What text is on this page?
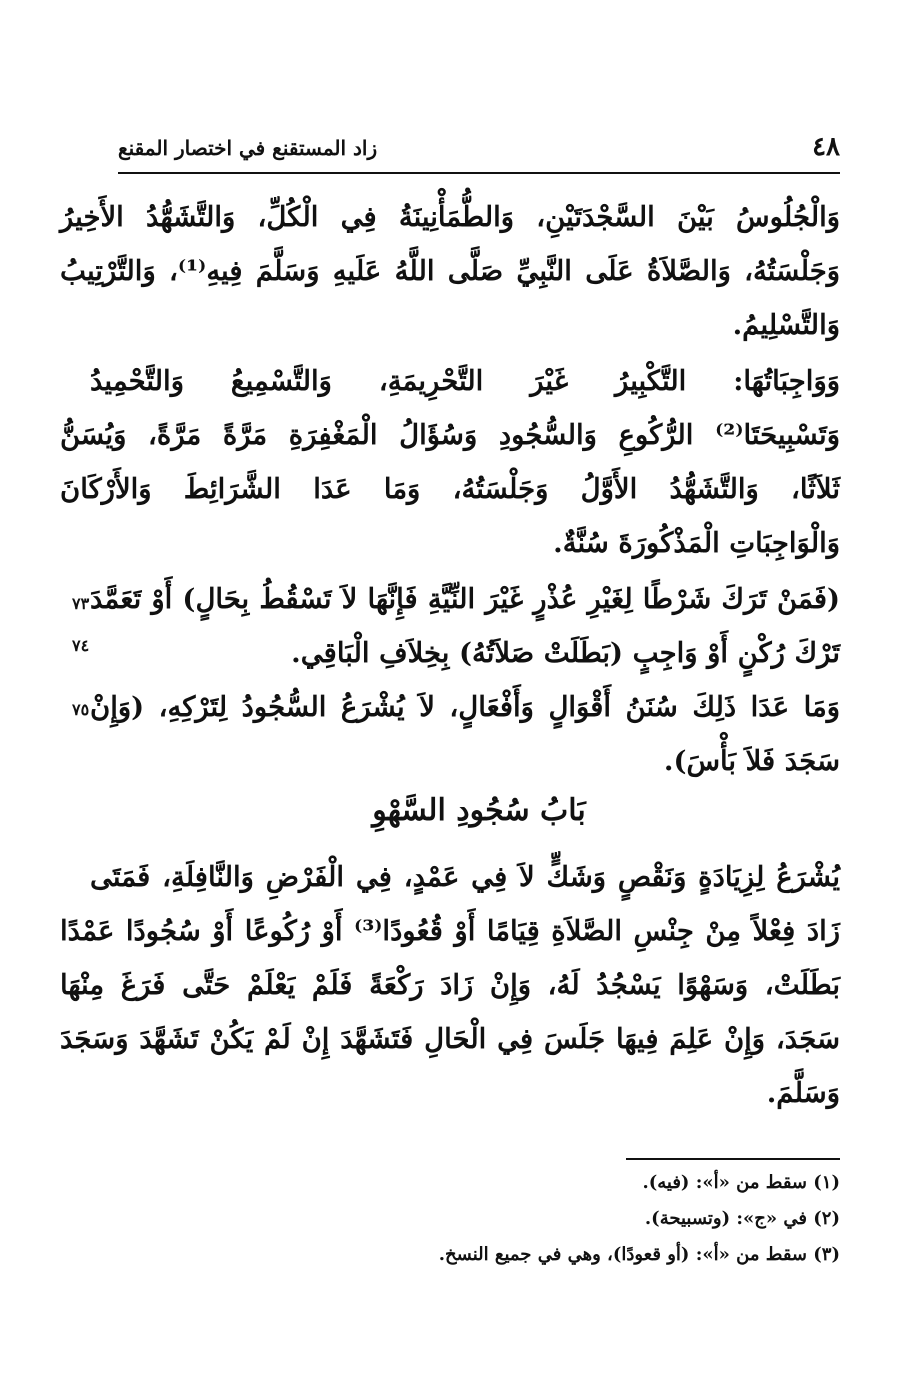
٤٨
زاد المستقنع في اختصار المقنع
وَالْجُلُوسُ بَيْنَ السَّجْدَتَيْنِ، وَالطُّمَأْنِينَةُ فِي الْكُلِّ، وَالتَّشَهُّدُ الأَخِيرُ
وَجَلْسَتُهُ، وَالصَّلاَةُ عَلَى النَّبِيِّ صَلَّى اللَّهُ عَلَيهِ وَسَلَّمَ فِيهِ⁽¹⁾، وَالتَّرْتِيبُ
وَالتَّسْلِيمُ.
وَوَاجِبَاتُهَا: التَّكْبِيرُ غَيْرَ التَّحْرِيمَةِ، وَالتَّسْمِيعُ وَالتَّحْمِيدُ
وَتَسْبِيحَتَا⁽²⁾ الرُّكُوعِ وَالسُّجُودِ وَسُؤَالُ الْمَغْفِرَةِ مَرَّةً مَرَّةً، وَيُسَنُّ
ثَلاَثًا، وَالتَّشَهُّدُ الأَوَّلُ وَجَلْسَتُهُ، وَمَا عَدَا الشَّرَائِطَ وَالأَرْكَانَ
وَالْوَاجِبَاتِ الْمَذْكُورَةَ سُنَّةٌ.
(فَمَنْ تَرَكَ شَرْطًا لِغَيْرِ عُذْرٍ غَيْرَ النِّيَّةِ فَإِنَّهَا لاَ تَسْقُطُ بِحَالٍ) أَوْ تَعَمَّدَ
تَرْكَ رُكْنٍ أَوْ وَاجِبٍ (بَطَلَتْ صَلاَتُهُ) بِخِلاَفِ الْبَاقِي.
وَمَا عَدَا ذَلِكَ سُنَنُ أَقْوَالٍ وَأَفْعَالٍ، لاَ يُشْرَعُ السُّجُودُ لِتَرْكِهِ، (وَإِنْ
سَجَدَ فَلاَ بَأْسَ).
٧٣
٧٤
٧٥
بَابُ سُجُودِ السَّهْوِ
يُشْرَعُ لِزِيَادَةٍ وَنَقْصٍ وَشَكٍّ لاَ فِي عَمْدٍ، فِي الْفَرْضِ وَالنَّافِلَةِ، فَمَتَى
زَادَ فِعْلاً مِنْ جِنْسِ الصَّلاَةِ قِيَامًا أَوْ قُعُودًا⁽³⁾ أَوْ رُكُوعًا أَوْ سُجُودًا عَمْدًا
بَطَلَتْ، وَسَهْوًا يَسْجُدُ لَهُ، وَإِنْ زَادَ رَكْعَةً فَلَمْ يَعْلَمْ حَتَّى فَرَغَ مِنْهَا
سَجَدَ، وَإِنْ عَلِمَ فِيهَا جَلَسَ فِي الْحَالِ فَتَشَهَّدَ إِنْ لَمْ يَكُنْ تَشَهَّدَ وَسَجَدَ
وَسَلَّمَ.
(١) سقط من «أ»: (فيه).
(٢) في «ج»: (وتسبيحة).
(٣) سقط من «أ»: (أو قعودًا)، وهي في جميع النسخ.
